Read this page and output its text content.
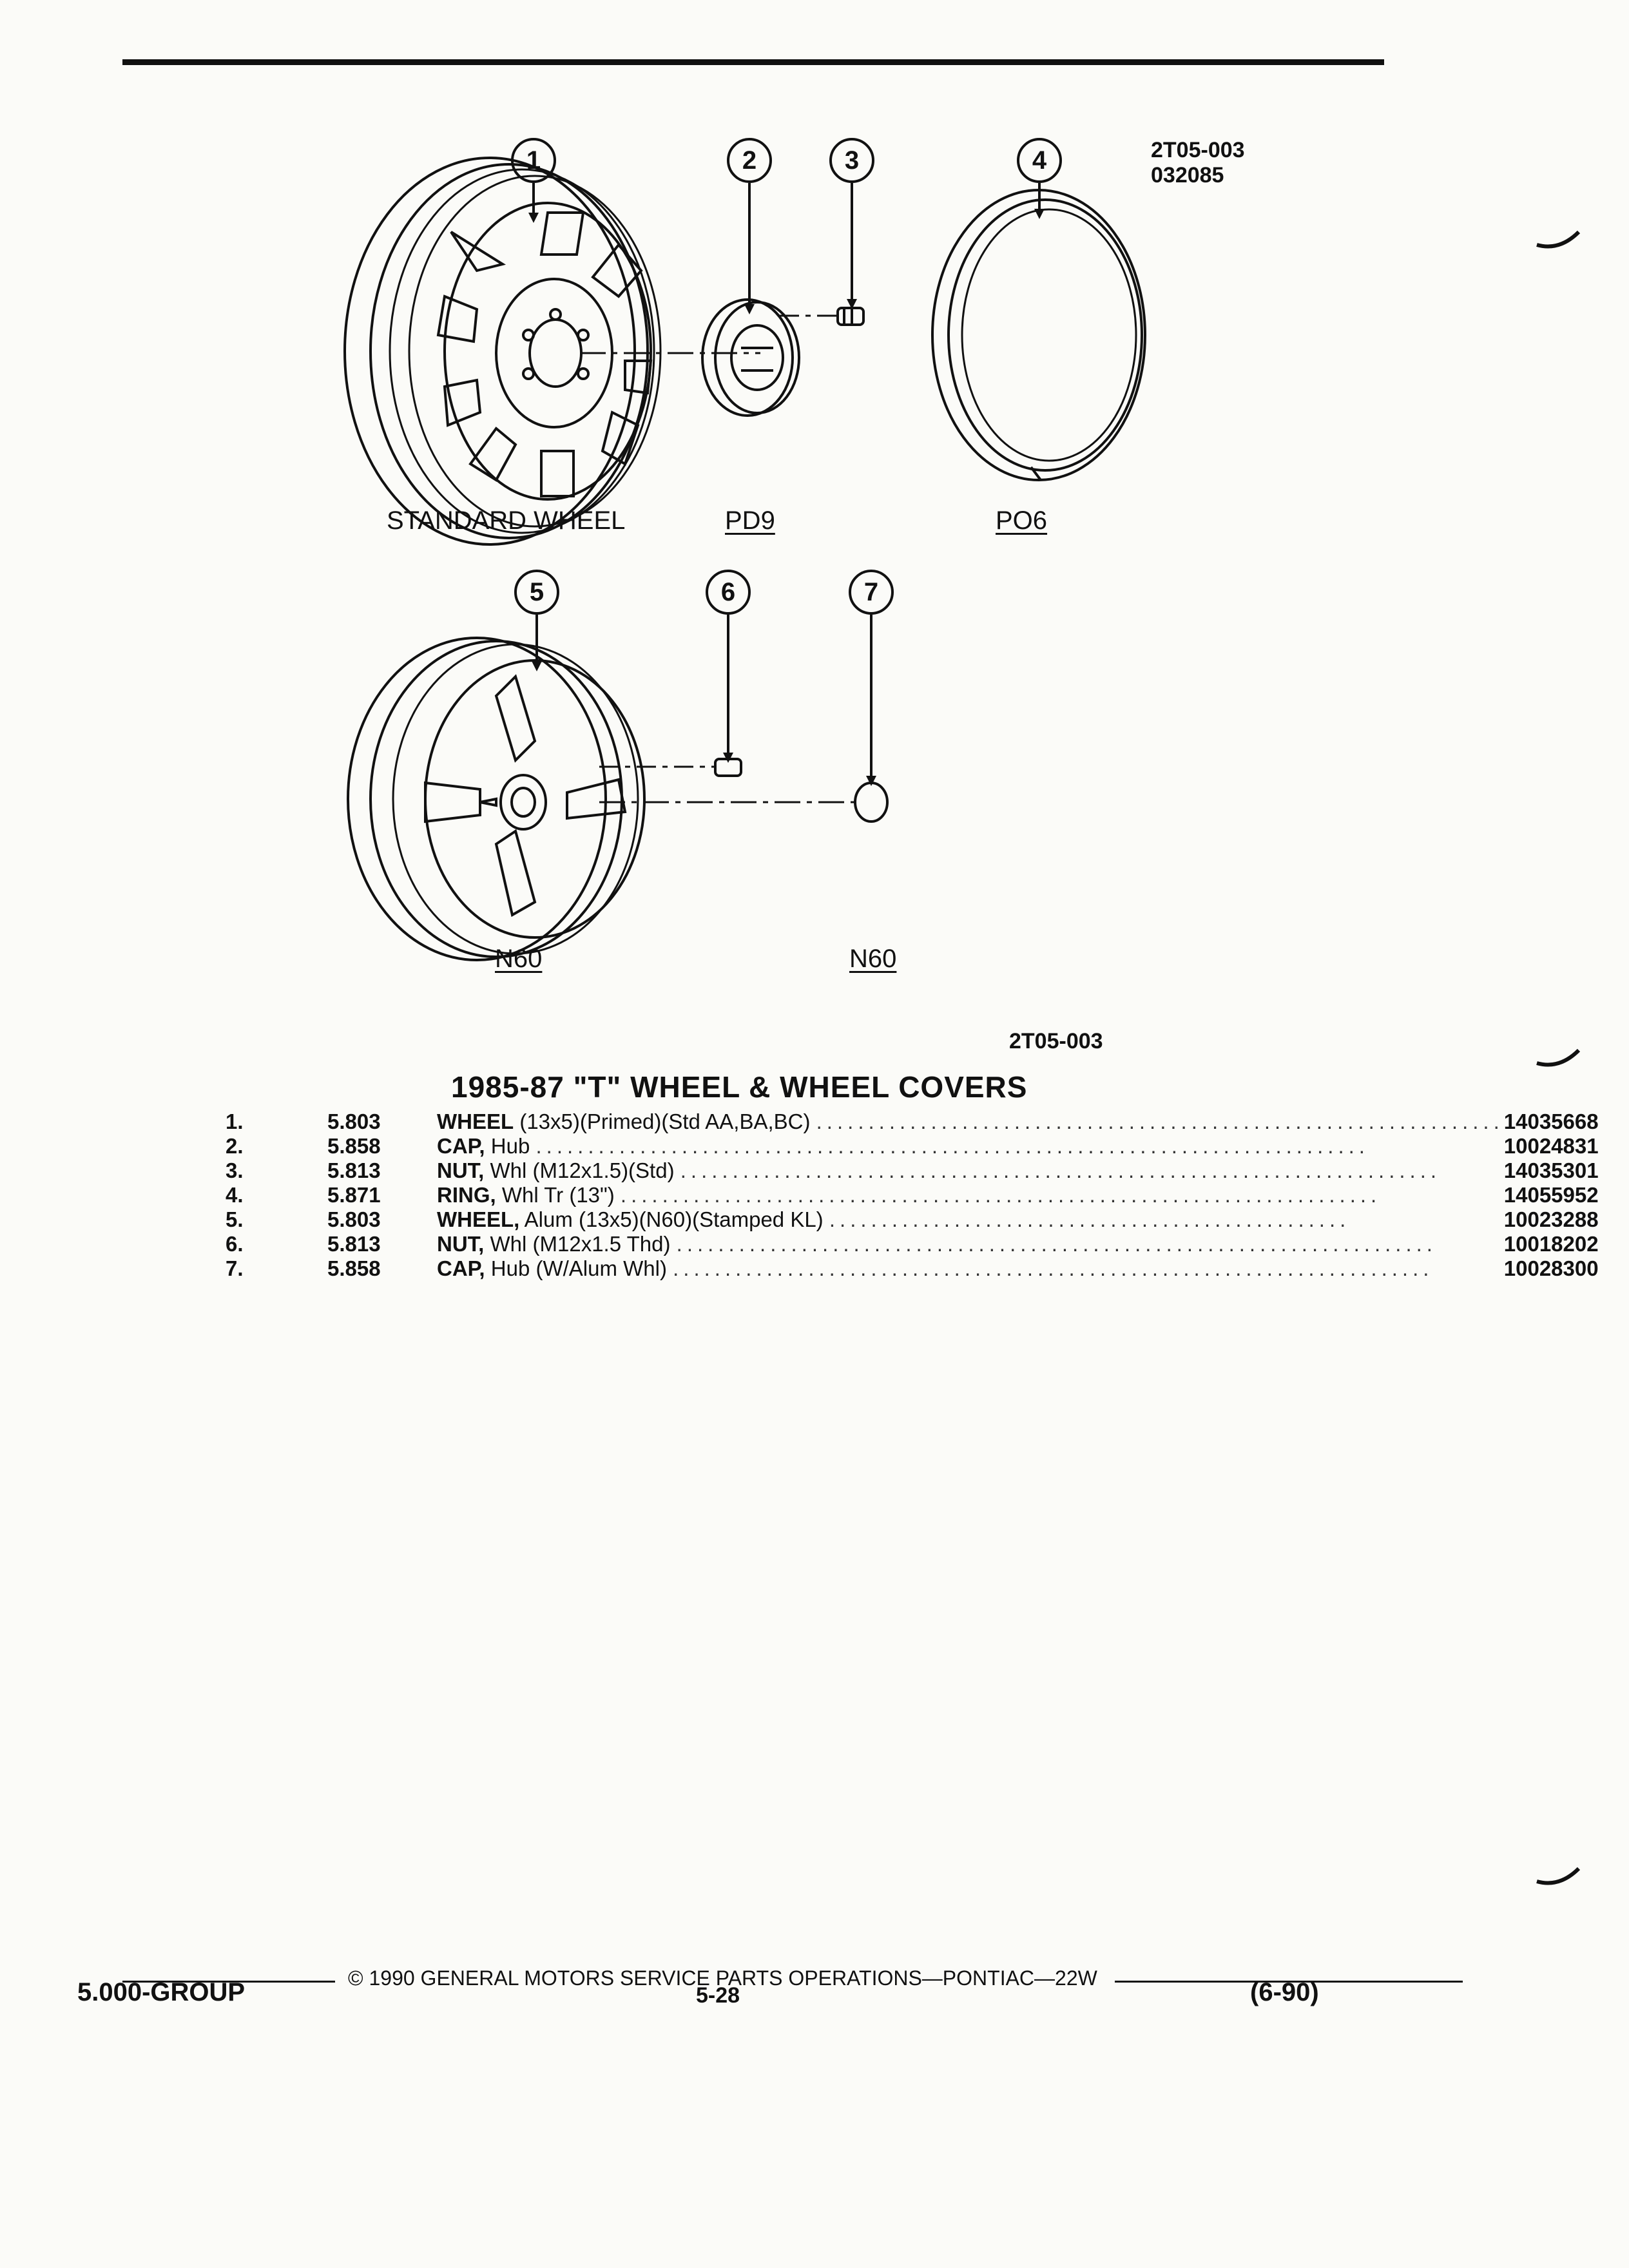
2T05-003
032085
1	2	3	4
5	6	7
STANDARD WHEEL	PD9	PO6
N60	N60
2T05-003
1985-87 "T" WHEEL & WHEEL COVERS
1.	5.803	WHEEL (13x5)(Primed)(Std AA,BA,BC) ..................................................................	14035668
2.	5.858	CAP, Hub ................................................................................	10024831
3.	5.813	NUT, Whl (M12x1.5)(Std) .........................................................................	14035301
4.	5.871	RING, Whl Tr (13") .........................................................................	14055952
5.	5.803	WHEEL, Alum (13x5)(N60)(Stamped KL) ..................................................	10023288
6.	5.813	NUT, Whl (M12x1.5 Thd) .........................................................................	10018202
7.	5.858	CAP, Hub (W/Alum Whl) .........................................................................	10028300
© 1990 GENERAL MOTORS SERVICE PARTS OPERATIONS—PONTIAC—22W
5.000-GROUP	5-28	(6-90)
